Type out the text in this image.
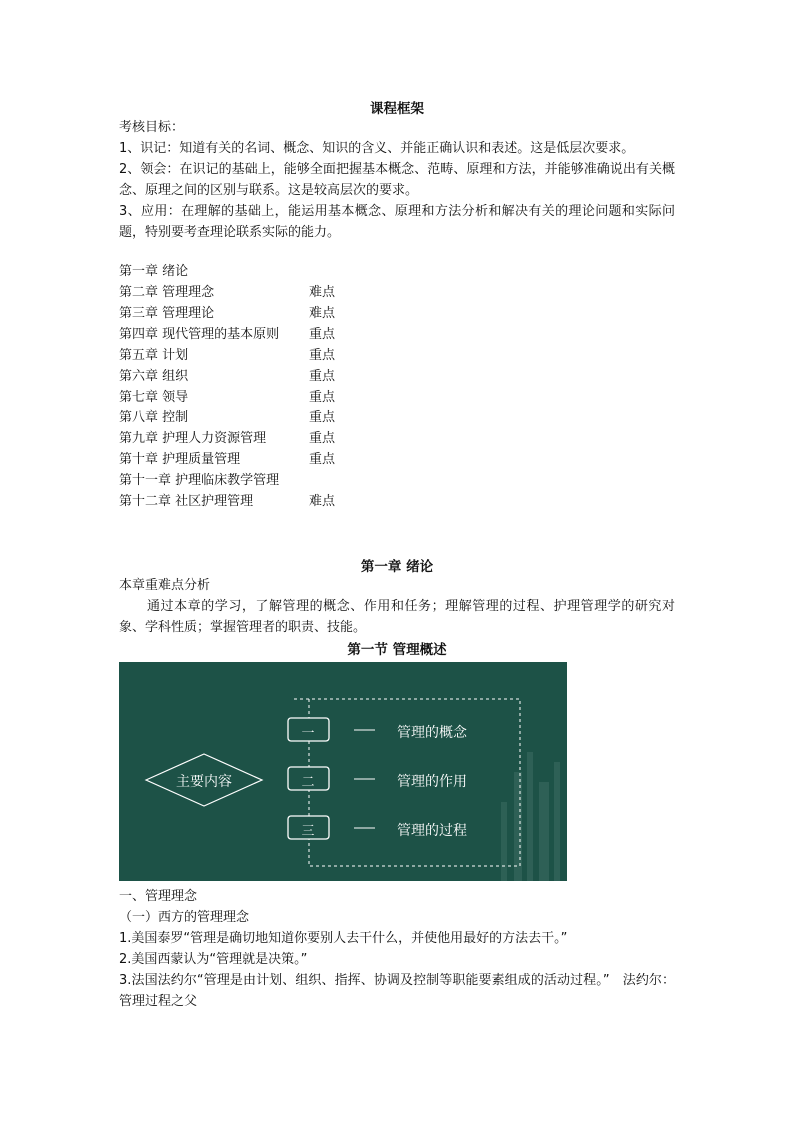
课程框架
考核目标：
1、识记：知道有关的名词、概念、知识的含义、并能正确认识和表述。这是低层次要求。
2、领会：在识记的基础上，能够全面把握基本概念、范畴、原理和方法，并能够准确说出有关概念、原理之间的区别与联系。这是较高层次的要求。
3、应用：在理解的基础上，能运用基本概念、原理和方法分析和解决有关的理论问题和实际问题，特别要考查理论联系实际的能力。
第一章 绪论
第二章 管理理念	难点
第三章 管理理论	难点
第四章 现代管理的基本原则 重点
第五章 计划	重点
第六章 组织	重点
第七章 领导	重点
第八章 控制	重点
第九章 护理人力资源管理	重点
第十章 护理质量管理	重点
第十一章 护理临床教学管理
第十二章 社区护理管理	难点
第一章 绪论
本章重难点分析
通过本章的学习，了解管理的概念、作用和任务；理解管理的过程、护理管理学的研究对象、学科性质；掌握管理者的职责、技能。
第一节 管理概述
一、管理理念
（一）西方的管理理念
1.美国泰罗“管理是确切地知道你要别人去干什么，并使他用最好的方法去干。”
2.美国西蒙认为“管理就是决策。”
3.法国法约尔“管理是由计划、组织、指挥、协调及控制等职能要素组成的活动过程。”　法约尔：管理过程之父
主要内容
一
二
三
管理的概念
管理的作用
管理的过程
